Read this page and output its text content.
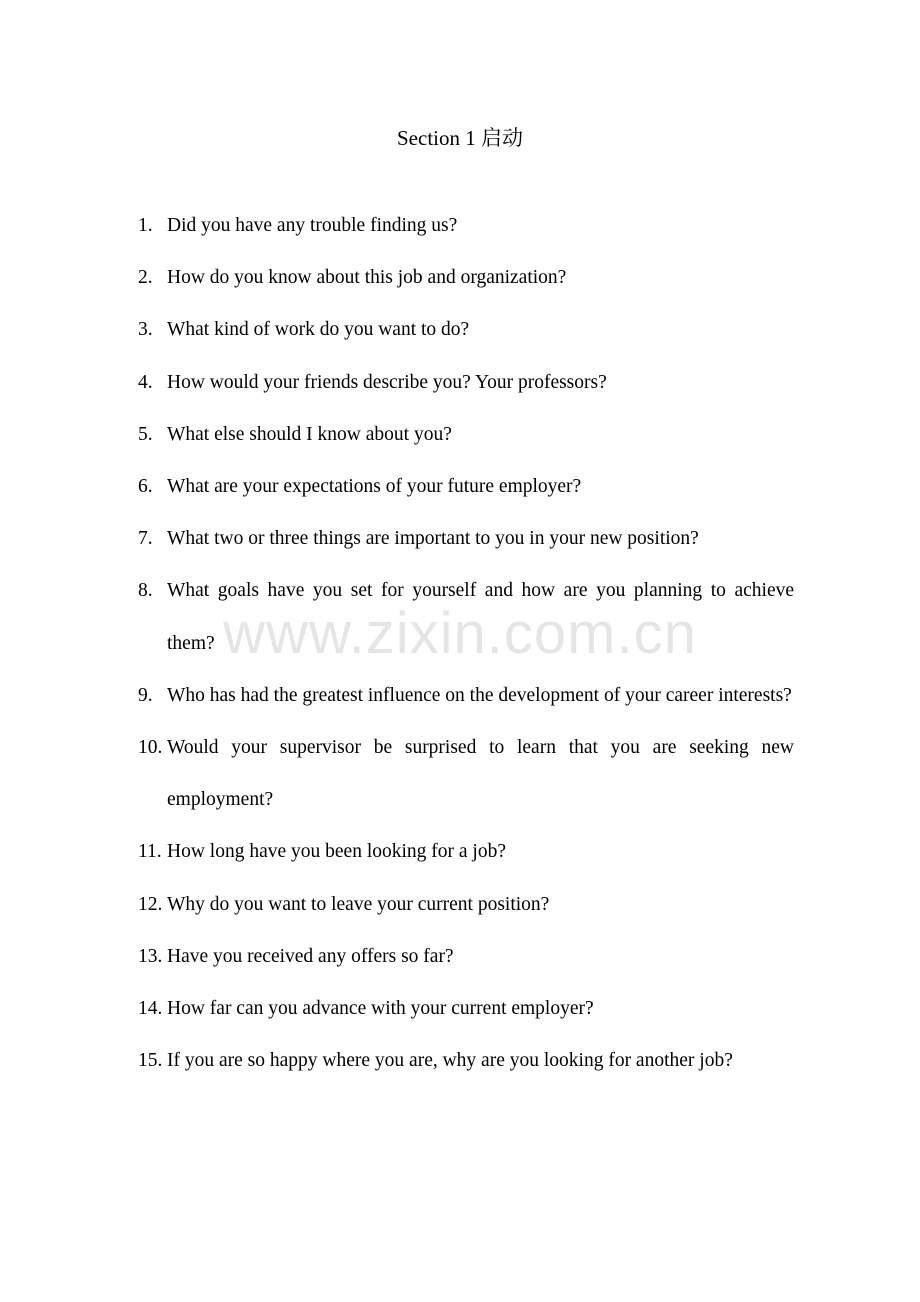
Section 1 启动
1. Did you have any trouble finding us?
2. How do you know about this job and organization?
3. What kind of work do you want to do?
4. How would your friends describe you? Your professors?
5. What else should I know about you?
6. What are your expectations of your future employer?
7. What two or three things are important to you in your new position?
8. What goals have you set for yourself and how are you planning to achieve them?
9. Who has had the greatest influence on the development of your career interests?
10. Would your supervisor be surprised to learn that you are seeking new employment?
11. How long have you been looking for a job?
12. Why do you want to leave your current position?
13. Have you received any offers so far?
14. How far can you advance with your current employer?
15. If you are so happy where you are, why are you looking for another job?
www.zixin.com.cn
